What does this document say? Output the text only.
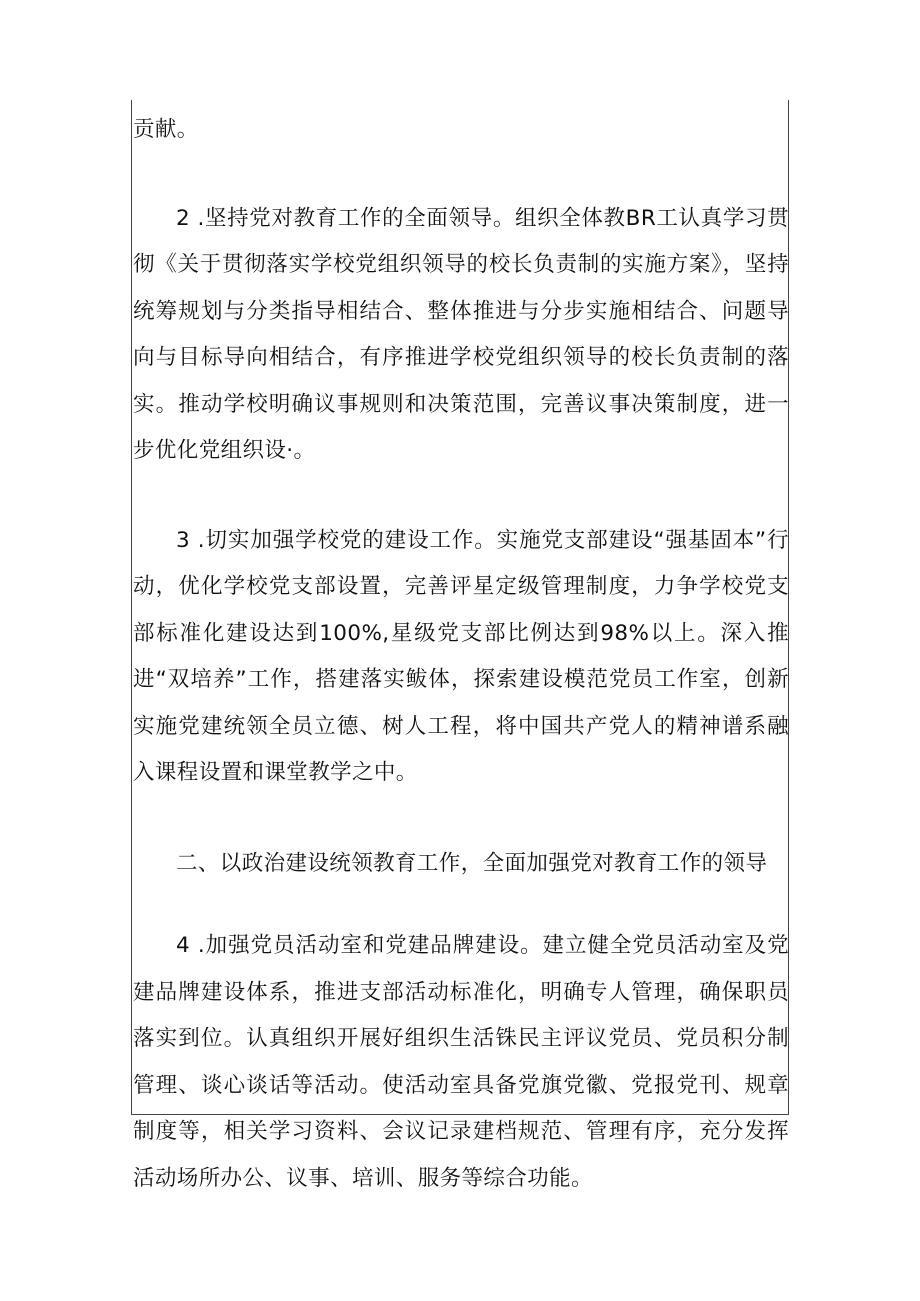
贡献。

2 .坚持党对教育工作的全面领导。组织全体教BR工认真学习贯彻《关于贯彻落实学校党组织领导的校长负责制的实施方案》，坚持统筹规划与分类指导相结合、整体推进与分步实施相结合、问题导向与目标导向相结合，有序推进学校党组织领导的校长负责制的落实。推动学校明确议事规则和决策范围，完善议事决策制度，进一步优化党组织设·。

3 .切实加强学校党的建设工作。实施党支部建设“强基固本”行动，优化学校党支部设置，完善评星定级管理制度，力争学校党支部标准化建设达到100%,星级党支部比例达到98%以上。深入推进“双培养”工作，搭建落实鲅体，探索建设模范党员工作室，创新实施党建统领全员立德、树人工程，将中国共产党人的精神谱系融入课程设置和课堂教学之中。

二、以政治建设统领教育工作，全面加强党对教育工作的领导

4 .加强党员活动室和党建品牌建设。建立健全党员活动室及党建品牌建设体系，推进支部活动标准化，明确专人管理，确保职员落实到位。认真组织开展好组织生活铢民主评议党员、党员积分制管理、谈心谈话等活动。使活动室具备党旗党徽、党报党刊、规章制度等，相关学习资料、会议记录建档规范、管理有序，充分发挥活动场所办公、议事、培训、服务等综合功能。
